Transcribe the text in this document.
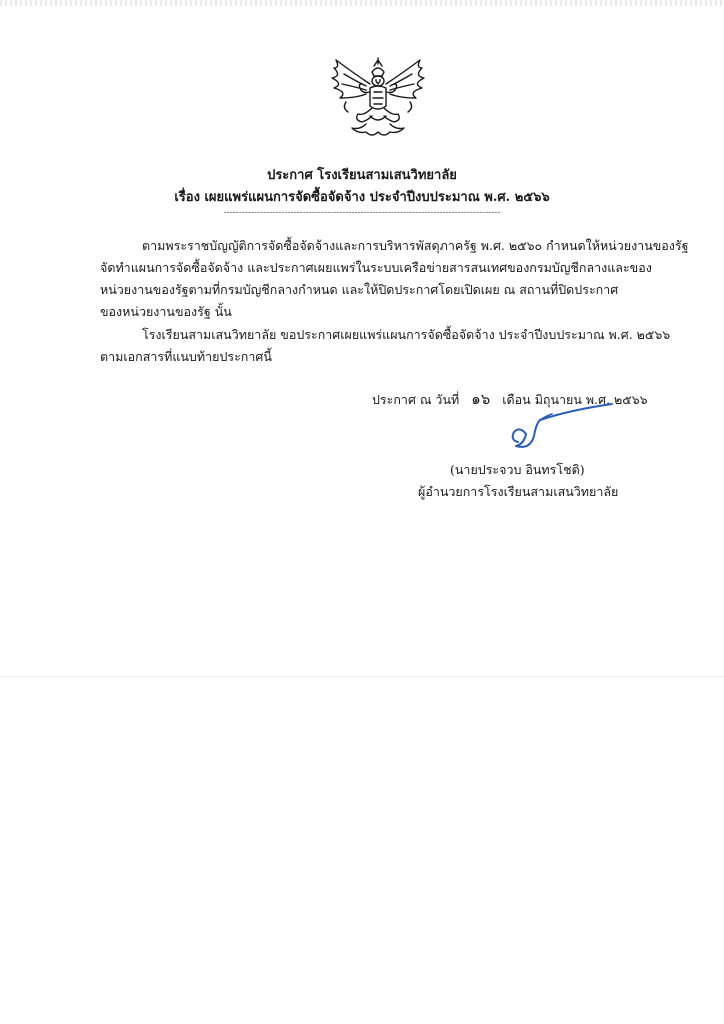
ประกาศ โรงเรียนสามเสนวิทยาลัย
เรื่อง เผยแพร่แผนการจัดซื้อจัดจ้าง ประจำปีงบประมาณ พ.ศ. ๒๕๖๖
-------------------------------------------------------------------------------------------
ตามพระราชบัญญัติการจัดซื้อจัดจ้างและการบริหารพัสดุภาครัฐ พ.ศ. ๒๕๖๐ กำหนดให้หน่วยงานของรัฐ
จัดทำแผนการจัดซื้อจัดจ้าง และประกาศเผยแพร่ในระบบเครือข่ายสารสนเทศของกรมบัญชีกลางและของ
หน่วยงานของรัฐตามที่กรมบัญชีกลางกำหนด และให้ปิดประกาศโดยเปิดเผย ณ สถานที่ปิดประกาศ
ของหน่วยงานของรัฐ นั้น
โรงเรียนสามเสนวิทยาลัย ขอประกาศเผยแพร่แผนการจัดซื้อจัดจ้าง ประจำปีงบประมาณ พ.ศ. ๒๕๖๖
ตามเอกสารที่แนบท้ายประกาศนี้
ประกาศ ณ วันที่ ๑๖ เดือน มิถุนายน พ.ศ. ๒๕๖๖
(นายประจวบ อินทรโชติ)
ผู้อำนวยการโรงเรียนสามเสนวิทยาลัย
